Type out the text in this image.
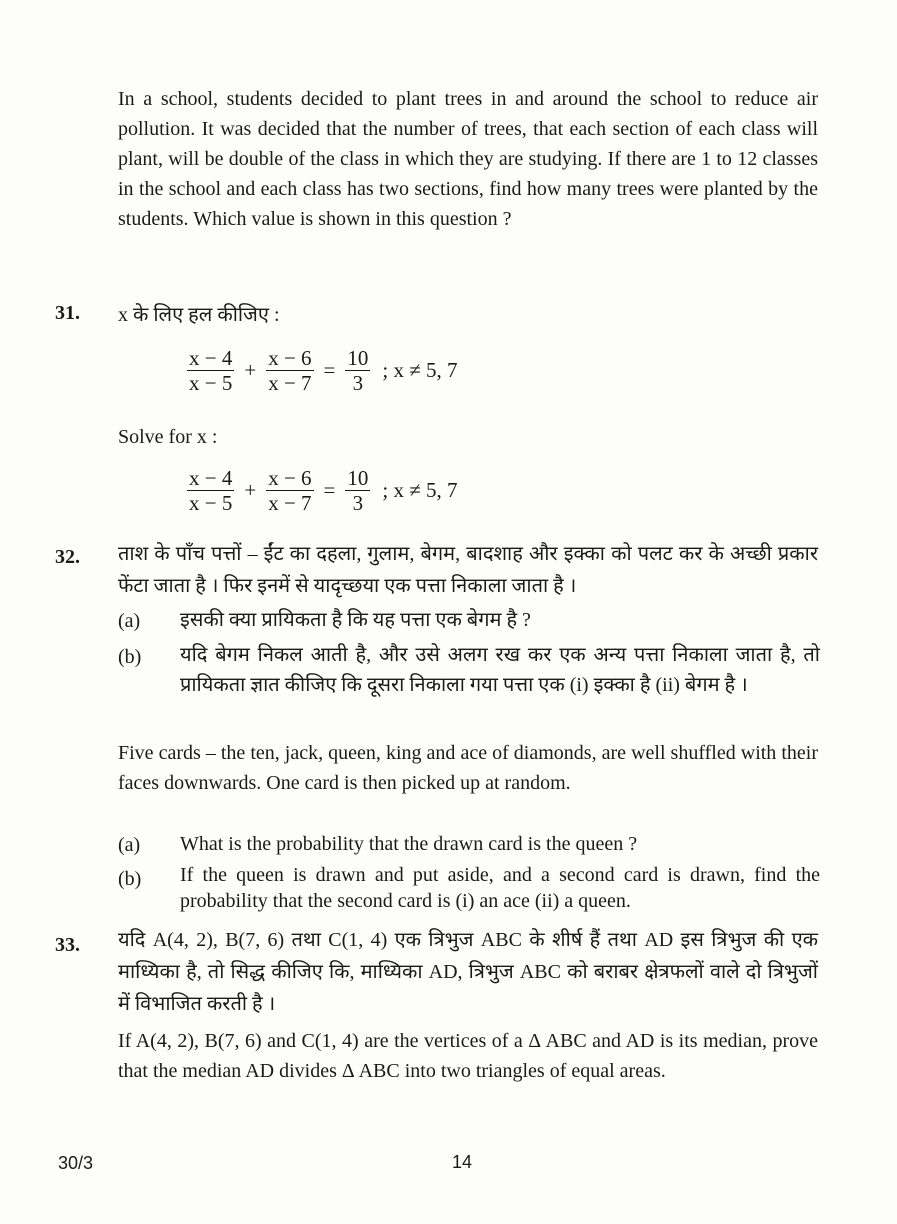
In a school, students decided to plant trees in and around the school to reduce air pollution. It was decided that the number of trees, that each section of each class will plant, will be double of the class in which they are studying. If there are 1 to 12 classes in the school and each class has two sections, find how many trees were planted by the students. Which value is shown in this question ?
31. x के लिए हल कीजिए :
$\frac{x - 4}{x - 5} + \frac{x - 6}{x - 7} = \frac{10}{3}$ ; x ≠ 5, 7
Solve for x :
$\frac{x - 4}{x - 5} + \frac{x - 6}{x - 7} = \frac{10}{3}$ ; x ≠ 5, 7
32. ताश के पाँच पत्तों – ईंट का दहला, गुलाम, बेगम, बादशाह और इक्का को पलट कर के अच्छी प्रकार फेंटा जाता है । फिर इनमें से यादृच्छया एक पत्ता निकाला जाता है ।
(a) इसकी क्या प्रायिकता है कि यह पत्ता एक बेगम है ?
(b) यदि बेगम निकल आती है, और उसे अलग रख कर एक अन्य पत्ता निकाला जाता है, तो प्रायिकता ज्ञात कीजिए कि दूसरा निकाला गया पत्ता एक (i) इक्का है (ii) बेगम है ।
Five cards – the ten, jack, queen, king and ace of diamonds, are well shuffled with their faces downwards. One card is then picked up at random.
(a) What is the probability that the drawn card is the queen ?
(b) If the queen is drawn and put aside, and a second card is drawn, find the probability that the second card is (i) an ace (ii) a queen.
33. यदि A(4, 2), B(7, 6) तथा C(1, 4) एक त्रिभुज ABC के शीर्ष हैं तथा AD इस त्रिभुज की एक माध्यिका है, तो सिद्ध कीजिए कि, माध्यिका AD, त्रिभुज ABC को बराबर क्षेत्रफलों वाले दो त्रिभुजों में विभाजित करती है ।
If A(4, 2), B(7, 6) and C(1, 4) are the vertices of a Δ ABC and AD is its median, prove that the median AD divides Δ ABC into two triangles of equal areas.
30/3	14
